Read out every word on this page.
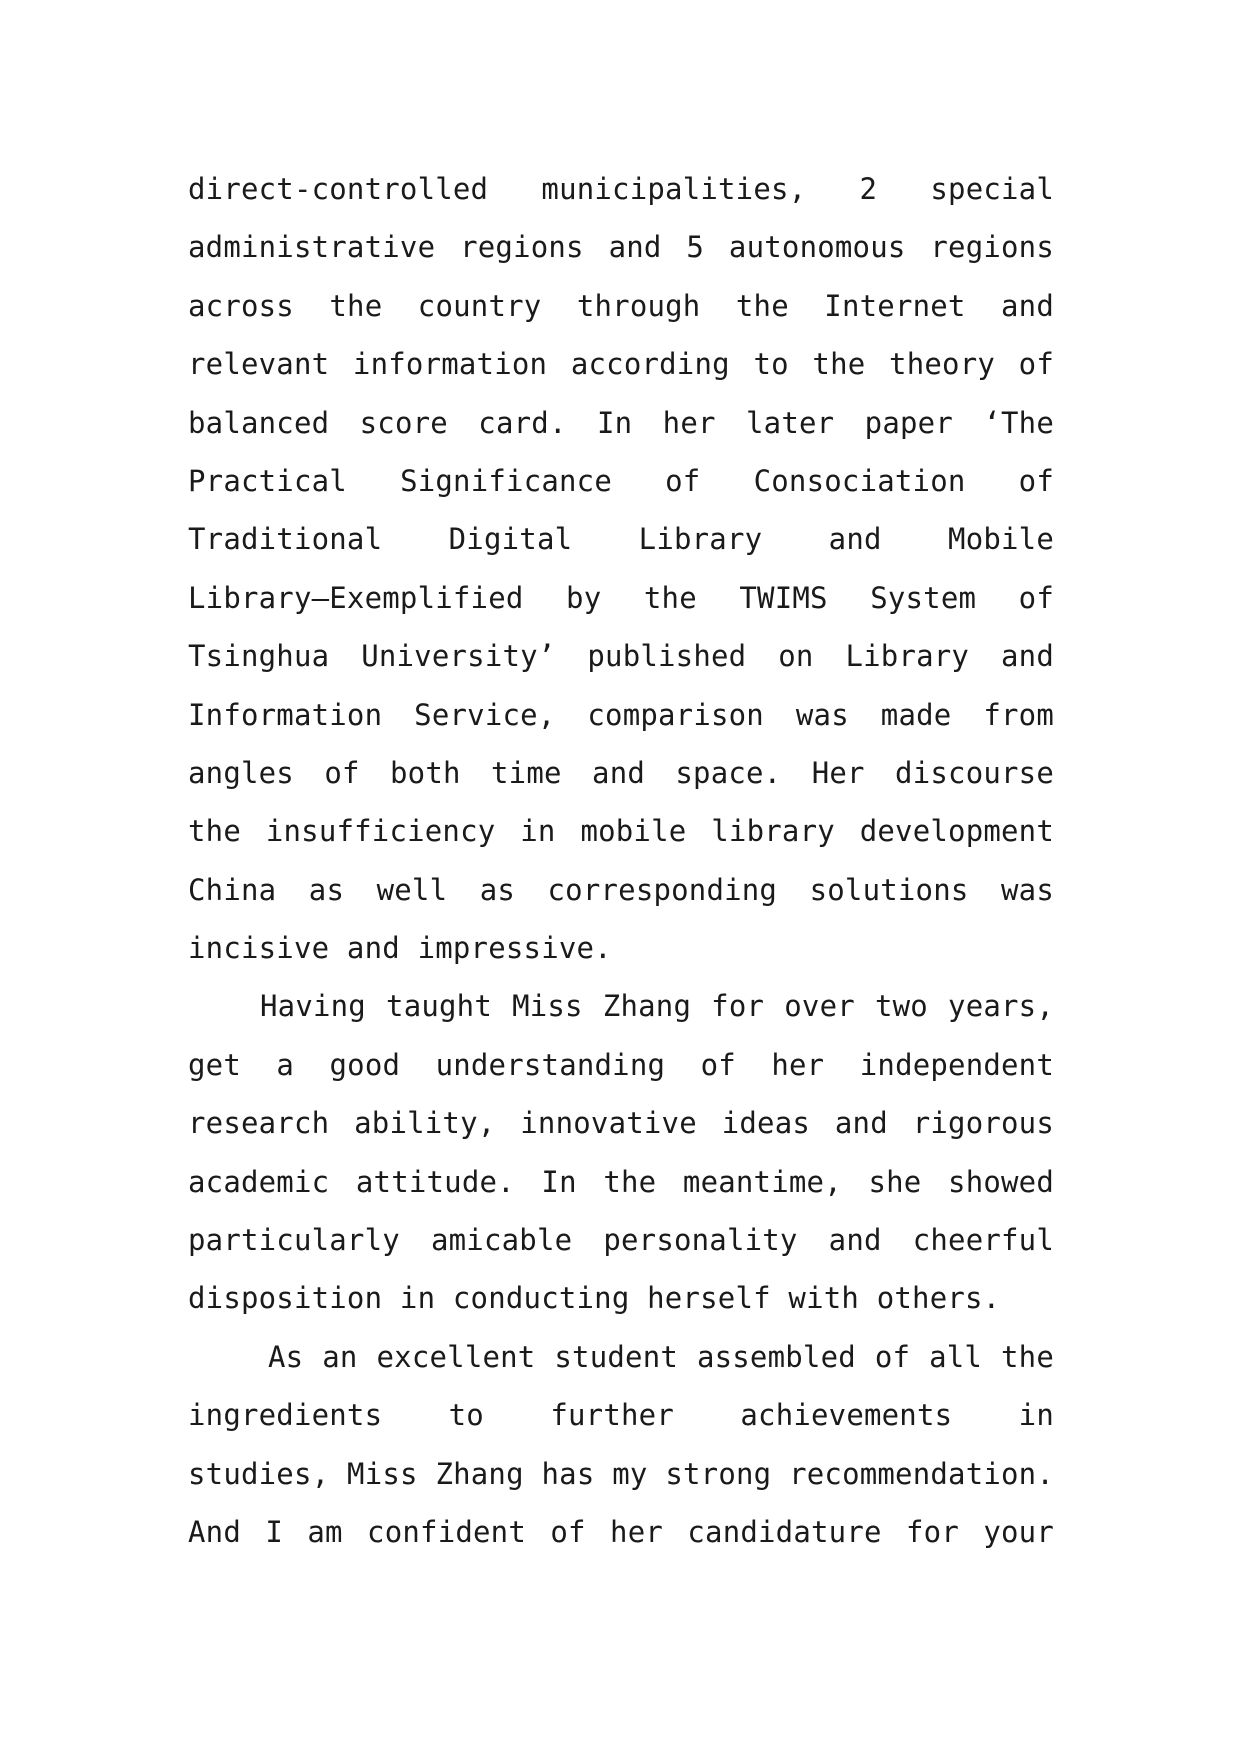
direct-controlled municipalities, 2 special
administrative regions and 5 autonomous regions
across the country through the Internet and
relevant information according to the theory of
balanced score card. In her later paper ‘The
Practical Significance of Consociation of
Traditional Digital Library and Mobile
Library—Exemplified by the TWIMS System of
Tsinghua University’ published on Library and
Information Service, comparison was made from
angles of both time and space. Her discourse
the insufficiency in mobile library development
China as well as corresponding solutions was
incisive and impressive.
Having taught Miss Zhang for over two years,
get a good understanding of her independent
research ability, innovative ideas and rigorous
academic attitude. In the meantime, she showed
particularly amicable personality and cheerful
disposition in conducting herself with others.
As an excellent student assembled of all the
ingredients to further achievements in
studies, Miss Zhang has my strong recommendation.
And I am confident of her candidature for your
